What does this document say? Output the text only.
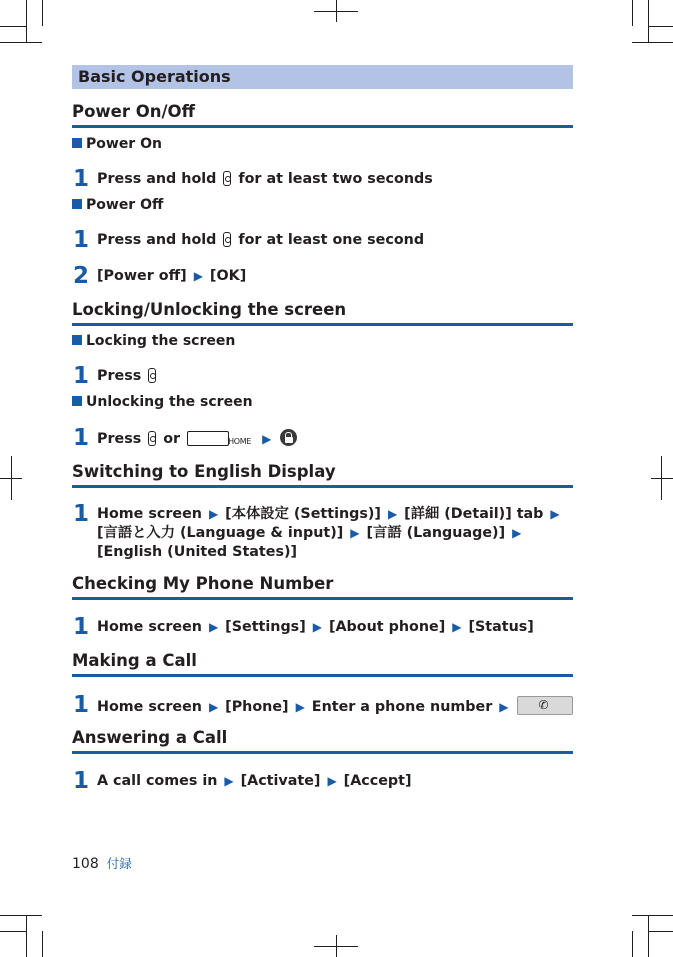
Basic Operations
Power On/Off
Power On
1 Press and hold for at least two seconds
Power Off
1 Press and hold for at least one second
2 [Power off] ▶ [OK]
Locking/Unlocking the screen
Locking the screen
1 Press
Unlocking the screen
1 Press or	HOME ▶
Switching to English Display
1 Home screen ▶ [本体設定 (Settings)] ▶ [詳細 (Detail)] tab ▶
[言語と入力 (Language & input)] ▶ [言語 (Language)] ▶
[English (United States)]
Checking My Phone Number
1 Home screen ▶ [Settings] ▶ [About phone] ▶ [Status]
Making a Call
1 Home screen ▶ [Phone] ▶ Enter a phone number ▶ ✆
Answering a Call
1 A call comes in ▶ [Activate] ▶ [Accept]
108 付録
